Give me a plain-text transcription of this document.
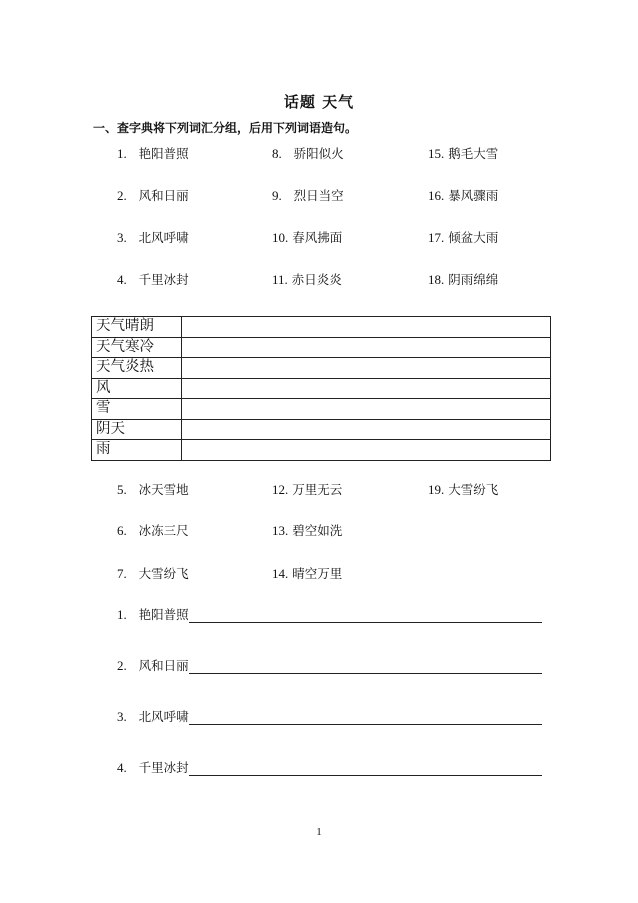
话题 天气
一、查字典将下列词汇分组，后用下列词语造句。
1. 艳阳普照	8. 骄阳似火	15. 鹅毛大雪
2. 风和日丽	9. 烈日当空	16. 暴风骤雨
3. 北风呼啸	10. 春风拂面	17. 倾盆大雨
4. 千里冰封	11. 赤日炎炎	18. 阴雨绵绵
天气晴朗	
天气寒冷	
天气炎热	
风	
雪	
阴天	
雨	
5. 冰天雪地	12. 万里无云	19. 大雪纷飞
6. 冰冻三尺	13. 碧空如洗
7. 大雪纷飞	14. 晴空万里
1. 艳阳普照
2. 风和日丽
3. 北风呼啸
4. 千里冰封
1
